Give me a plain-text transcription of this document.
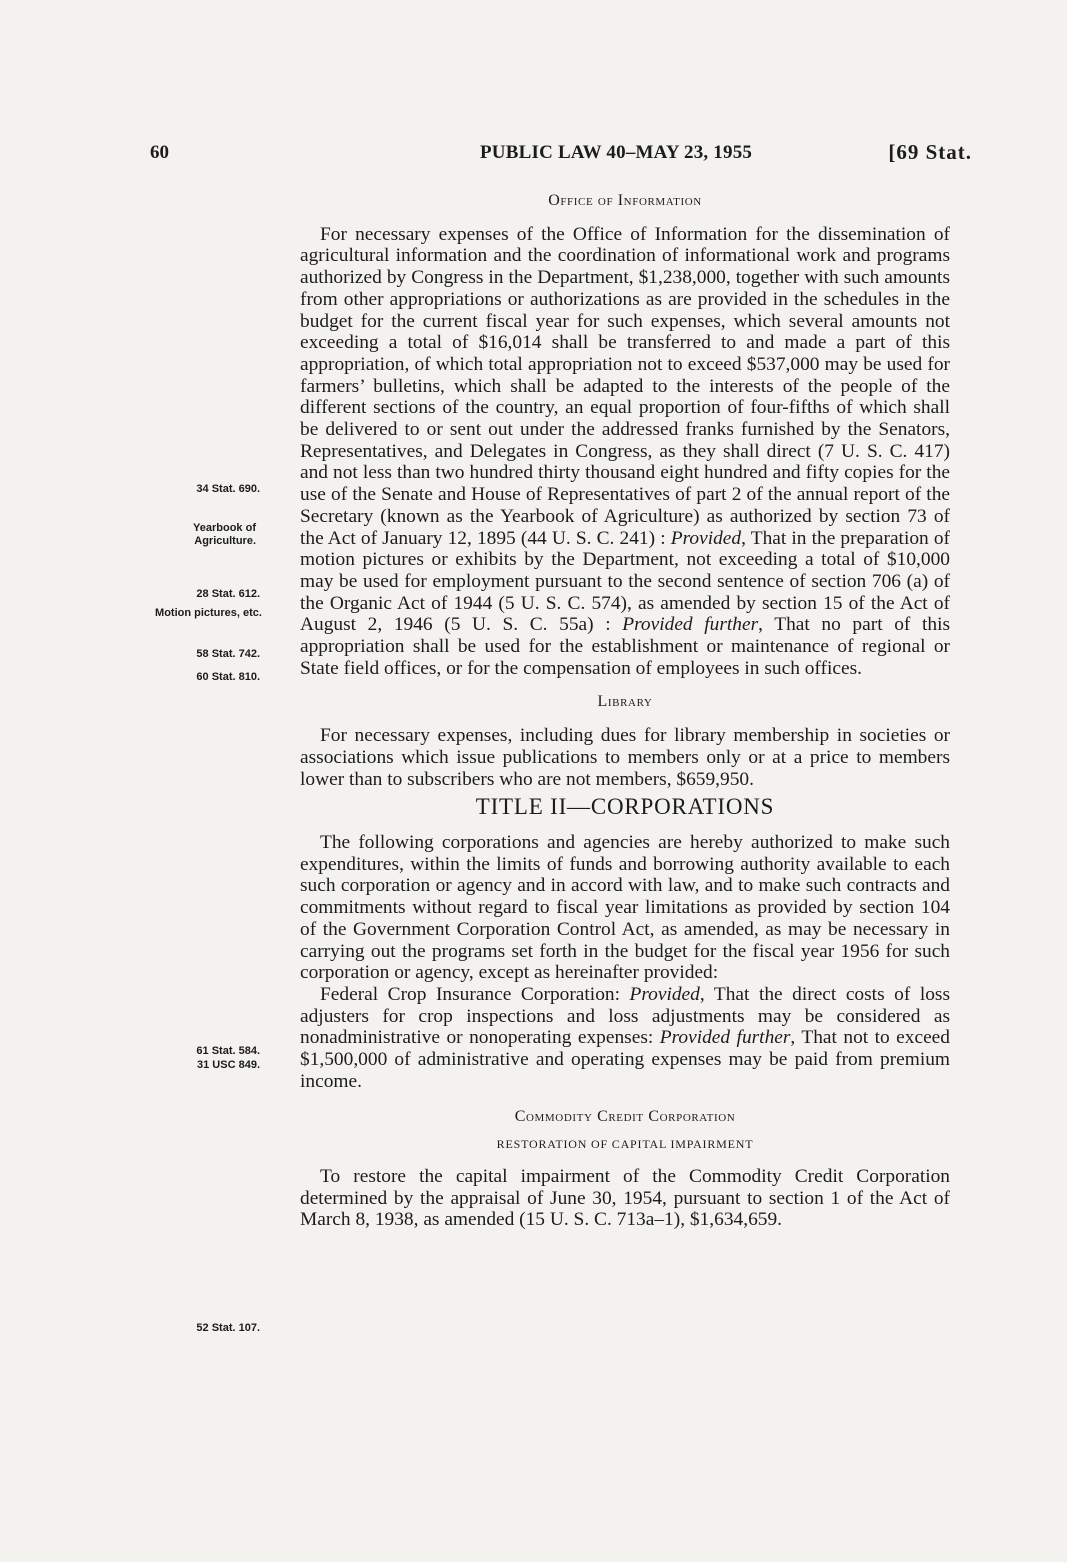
60	PUBLIC LAW 40–MAY 23, 1955	[69 Stat.
34 Stat. 690.
Yearbook of Agriculture.
28 Stat. 612.
Motion pictures, etc.
58 Stat. 742.
60 Stat. 810.
61 Stat. 584.
31 USC 849.
52 Stat. 107.
Office of Information

For necessary expenses of the Office of Information for the dissemination of agricultural information and the coordination of informational work and programs authorized by Congress in the Department, $1,238,000, together with such amounts from other appropriations or authorizations as are provided in the schedules in the budget for the current fiscal year for such expenses, which several amounts not exceeding a total of $16,014 shall be transferred to and made a part of this appropriation, of which total appropriation not to exceed $537,000 may be used for farmers’ bulletins, which shall be adapted to the interests of the people of the different sections of the country, an equal proportion of four-fifths of which shall be delivered to or sent out under the addressed franks furnished by the Senators, Representatives, and Delegates in Congress, as they shall direct (7 U. S. C. 417) and not less than two hundred thirty thousand eight hundred and fifty copies for the use of the Senate and House of Representatives of part 2 of the annual report of the Secretary (known as the Yearbook of Agriculture) as authorized by section 73 of the Act of January 12, 1895 (44 U. S. C. 241) : Provided, That in the preparation of motion pictures or exhibits by the Department, not exceeding a total of $10,000 may be used for employment pursuant to the second sentence of section 706 (a) of the Organic Act of 1944 (5 U. S. C. 574), as amended by section 15 of the Act of August 2, 1946 (5 U. S. C. 55a) : Provided further, That no part of this appropriation shall be used for the establishment or maintenance of regional or State field offices, or for the compensation of employees in such offices.

Library

For necessary expenses, including dues for library membership in societies or associations which issue publications to members only or at a price to members lower than to subscribers who are not members, $659,950.

TITLE II—CORPORATIONS

The following corporations and agencies are hereby authorized to make such expenditures, within the limits of funds and borrowing authority available to each such corporation or agency and in accord with law, and to make such contracts and commitments without regard to fiscal year limitations as provided by section 104 of the Government Corporation Control Act, as amended, as may be necessary in carrying out the programs set forth in the budget for the fiscal year 1956 for such corporation or agency, except as hereinafter provided:

Federal Crop Insurance Corporation: Provided, That the direct costs of loss adjusters for crop inspections and loss adjustments may be considered as nonadministrative or nonoperating expenses: Provided further, That not to exceed $1,500,000 of administrative and operating expenses may be paid from premium income.

Commodity Credit Corporation
RESTORATION OF CAPITAL IMPAIRMENT

To restore the capital impairment of the Commodity Credit Corporation determined by the appraisal of June 30, 1954, pursuant to section 1 of the Act of March 8, 1938, as amended (15 U. S. C. 713a–1), $1,634,659.
